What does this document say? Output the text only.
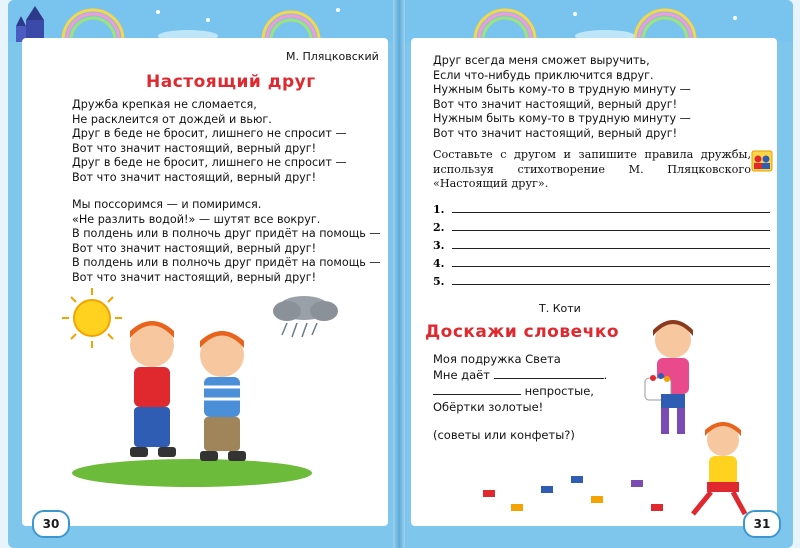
М. Пляцковский
Настоящий друг
Дружба крепкая не сломается,
Не расклеится от дождей и вьюг.
Друг в беде не бросит, лишнего не спросит —
Вот что значит настоящий, верный друг!
Друг в беде не бросит, лишнего не спросит —
Вот что значит настоящий, верный друг!
Мы поссоримся — и помиримся.
«Не разлить водой!» — шутят все вокруг.
В полдень или в полночь друг придёт на помощь —
Вот что значит настоящий, верный друг!
В полдень или в полночь друг придёт на помощь —
Вот что значит настоящий, верный друг!
30
Друг всегда меня сможет выручить,
Если что-нибудь приключится вдруг.
Нужным быть кому-то в трудную минуту —
Вот что значит настоящий, верный друг!
Нужным быть кому-то в трудную минуту —
Вот что значит настоящий, верный друг!
Составьте с другом и запишите правила дружбы, используя стихотворение М. Пляцковского «Настоящий друг».
1.
2.
3.
4.
5.
Т. Коти
Доскажи словечко
Моя подружка Света
Мне даёт	.
непростые,
Обёртки золотые!
(советы или конфеты?)
31
